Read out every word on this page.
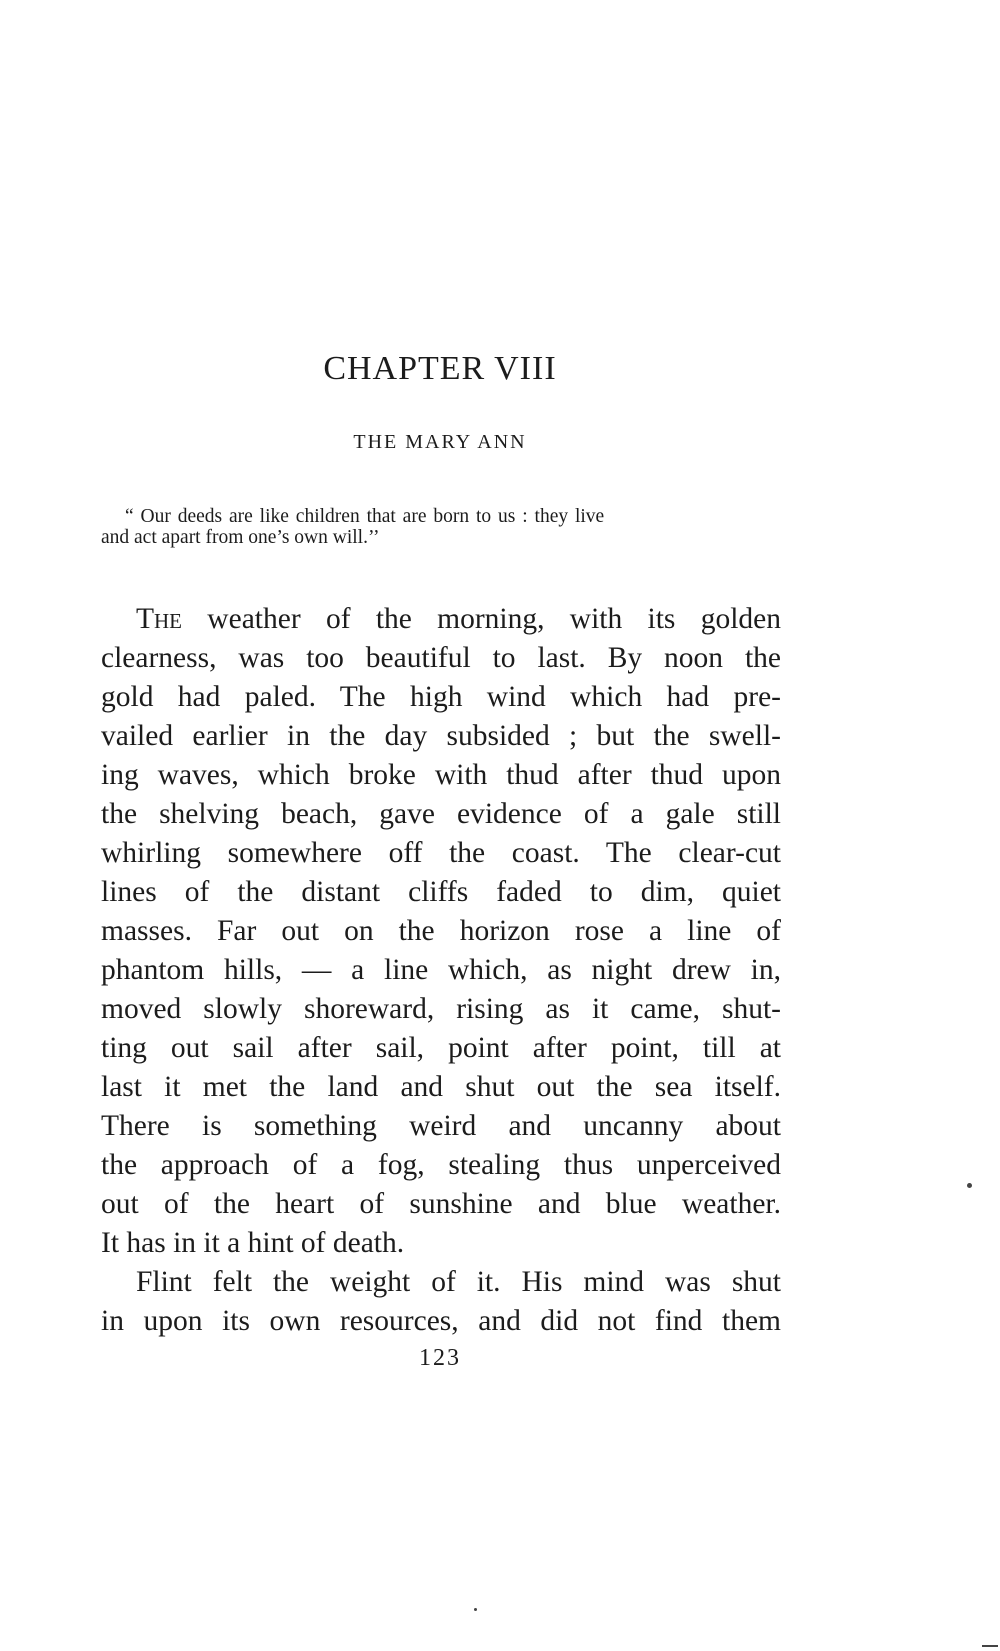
CHAPTER VIII
THE MARY ANN
“ Our deeds are like children that are born to us : they live
and act apart from one’s own will.’’
The weather of the morning, with its golden
clearness, was too beautiful to last. By noon the
gold had paled. The high wind which had pre-
vailed earlier in the day subsided ; but the swell-
ing waves, which broke with thud after thud upon
the shelving beach, gave evidence of a gale still
whirling somewhere off the coast. The clear-cut
lines of the distant cliffs faded to dim, quiet
masses. Far out on the horizon rose a line of
phantom hills, — a line which, as night drew in,
moved slowly shoreward, rising as it came, shut-
ting out sail after sail, point after point, till at
last it met the land and shut out the sea itself.
There is something weird and uncanny about
the approach of a fog, stealing thus unperceived
out of the heart of sunshine and blue weather.
It has in it a hint of death.
Flint felt the weight of it. His mind was shut
in upon its own resources, and did not find them
123
